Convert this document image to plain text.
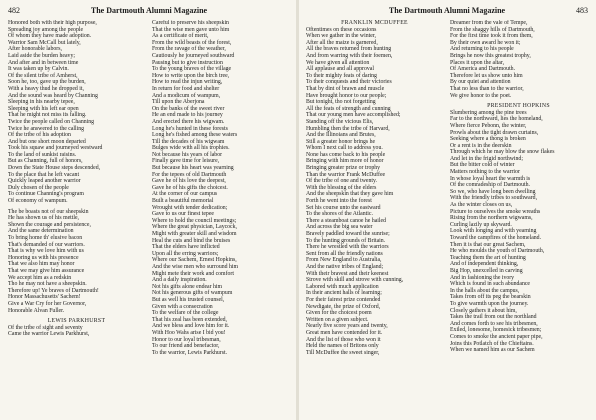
482	The Dartmouth Alumni Magazine
Honored both with their high purpose,
Spreading joy among the people
Of whom they have made adoption.
Warrior Sam McCall but lately,
After honorable labors,
Laid aside the burden heavy;
And after and in between time
It was taken up by Calvin.
Of the silent tribe of Amherst,
Soon he, too, gave up the burden,
With a heavy thud he dropped it,
And the sound was heard by Channing
Sleeping in his nearby tepee,
Sleeping with his left ear open
That he might not miss its falling.
Twice the people called on Channing
Twice he answered to the calling
Of the tribe of his adoption
And but one short moon departed
Took his squaw and journeyed westward
To the land of sunkist raisins.
But as Channing, full of honors,
Down the State House steps descended,
To the place that he left vacant
Quickly leaped another warrior
Duly chosen of the people
To continue Channing's program
Of economy of wampum.
The be boasts not of our sheepskin
He has shown us of his mettle,
Shown the courage and persistence,
And the same determination
To bring home th' elusive bacon
That's demanded of our warriors.
That is why we love him with us
Honoring us with his presence
That we also him may honor
That we may give him assurance
We accept him as a redskin
Tho he may not have a sheepskin.
Therefore up! Ye braves of Dartmouth!
Honor Massachusetts' Sachem!
Give a War Cry for her Governor,
Honorable Alvan Fuller.
LEWIS PARKHURST
Of the tribe of sight and seventy
Came the warrior Lewis Parkhurst,
Careful to preserve his sheepskin
That the wise men gave unto him
As a certificate of merit,
From the wild beasts of the forest,
From the ravage of the weather,
Cautiously he journeyed southward
Pausing but to give instruction
To the young braves of the village
How to write upon the birch tree,
How to read the injun writing,
In return for food and shelter
And a modicum of wampum,
Till upon the Aberjona
On the banks of the sweet river
He an end made to his journey
And erected there his wigwam.
Long he's hunted in these forests
Long he's fished among these waters
Till the decades of his wigwam
Bulges wide with all his trophies.
Not because his years of labor
Finally gave time for leisure,
But because his heart was yearning
For the tepees of old Dartmouth
Gave he of his love the deepest,
Gave he of his gifts the choicest.
At the corner of our campus
Built a beautiful memorial
Wrought with tender dedication;
Gave to us our finest tepee
Where to hold the council meetings;
Where the great physician, Laycock,
Might with greater skill and wisdom
Heal the cuts and bind the bruises
That the elders have inflicted
Upon all the erring warriors;
Where our Sachem, Ernest Hopkins,
And the wise men who surround him
Might mete their work and comfort
And a daily inspiration.
Not his gifts alone endear him
Not his generous gifts of wampum
But as well his trusted counsel,
Given with a consecration
To the welfare of the college
That his zeal has been extended,
And we bless and love him for it.
With Hoo Wahs arise I bid you!
Honor to our loyal tribesman,
To our friend and benefactor,
To the warrior, Lewis Parkhurst.
The Dartmouth Alumni Magazine	483
FRANKLIN MCDUFFEE
Oftentimes on these occasions
When we gather in the winter,
After all the maize is garnered,
All the braves returned from hunting
And from warring with their foemen,
We have given all attention
All applause and all approval
To their mighty feats of daring
To their conquests and their victories
That by dint of brawn and muscle
Have brought honor to our people;
But tonight, tho not forgetting
All the feats of strength and cunning
That our young men have accomplished;
Standing off the vicious Elis,
Humbling then the tribe of Harvard,
And the Illinoians and Brutes,
Still a greater honor brings he
Whom I next call to address you.
None has come back to his people
Bringing with him more of honor
Bringing greater prize or trophy
Than the warrior Frank McDuffee
Of the tribe of one and twenty.
With the blessing of the elders
And the sheepskin that they gave him
Forth he went into the forest
Set his course unto the eastward
To the shores of the Atlantic.
There a steamboat canoe he hailed
And across the big sea water
Bravely paddled toward the sunrise;
To the hunting grounds of Britain.
There he wrestled with the warriors
Sent from all the friendly nations
From New England to Australia,
And the native tribes of England;
With their bravest and their keenest
Strove with skill and strove with cunning,
Labored with much application
In their ancient halls of learning;
For their fairest prize contended
Newdigate, the prize of Oxford,
Given for the choicest poem
Written on a given subject.
Nearly five score years and twenty,
Great men have contended for it.
And the list of those who won it
Held the names of Britons only
Till McDuffee the sweet singer,
Dreamer from the vale of Tempe,
From the shaggy hills of Dartmouth,
For the first time took it from them,
By their own award he won it;
And returning to his people
Brings he now this greatest trophy,
Places it upon the altar,
Of America and Dartmouth.
Therefore let us show unto him
By our quiet and attention
That no less than to the warrior,
We give honor to the poet.
PRESIDENT HOPKINS
Slumbering among the pine trees
Far to the northward, lies the homeland,
Where fierce Pebonn, the winter,
Prowls about the tight drawn curtains,
Seeking where a thong is broken
Or a rent is in the deerskin
Through which he may blow the snow flakes
And let in the frigid northwind;
But the bitter cold of winter
Matters nothing to the warrior
In whose loyal heart the warmth is
Of the comradeship of Dartmouth.
So we, who have long been dwelling
With the friendly tribes to southward,
As the winter closes on us,
Picture to ourselves the smoke wreaths
Rising from the northern wigwams,
Curling lazily up skyward.
Look with longing and with yearning
Toward the campfires of the homeland.
Then it is that our great Sachem,
He who moulds the youth of Dartmouth,
Teaching them the art of hunting
And of independent thinking,
Big Hop, unexcelled in carving
And in fashioning the ivory
Which is found in such abundance
In the halls about the campus,
Takes from off its peg the bearskin
To give warmth upon the journey.
Closely gathers it about him,
Takes the trail from out the northland
And comes forth to see his tribesmen,
Exiled, lonesome, homesick tribesmen;
Comes to smoke the ancient paper pipe,
Joins this Potlatch of the Chieftains.
When we named him as our Sachem
